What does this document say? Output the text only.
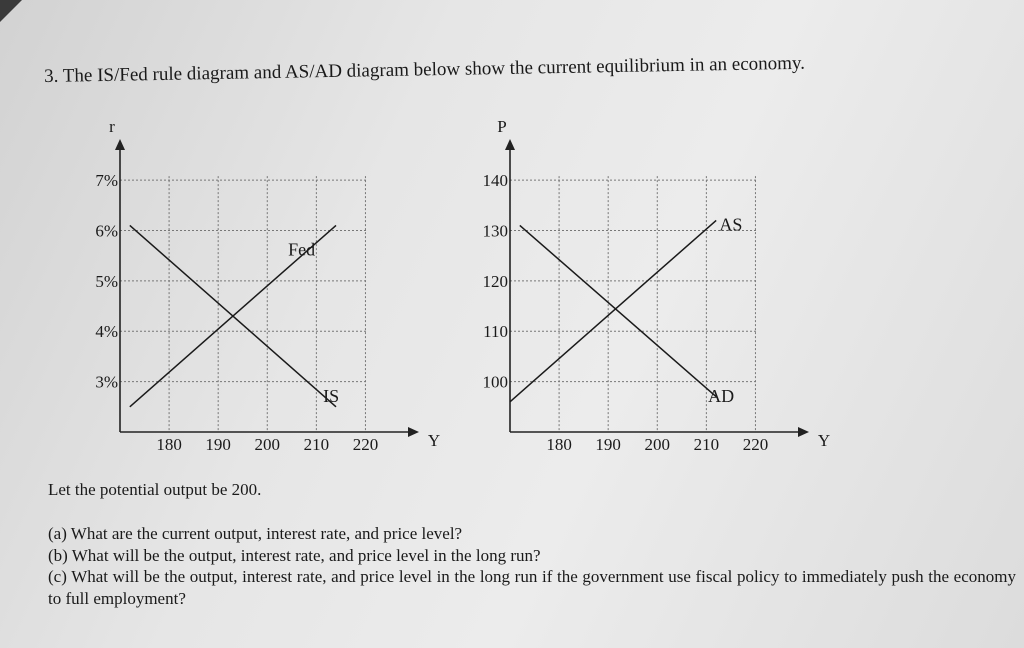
3. The IS/Fed rule diagram and AS/AD diagram below show the current equilibrium in an economy.
r
Y
3%
4%
5%
6%
7%
180 190 200 210 220
Fed
IS
P
Y
100
110
120
130
140
180 190 200 210 220
AS
AD
Let the potential output be 200.
(a) What are the current output, interest rate, and price level?
(b) What will be the output, interest rate, and price level in the long run?
(c) What will be the output, interest rate, and price level in the long run if the government use fiscal policy to immediately push the economy to full employment?
